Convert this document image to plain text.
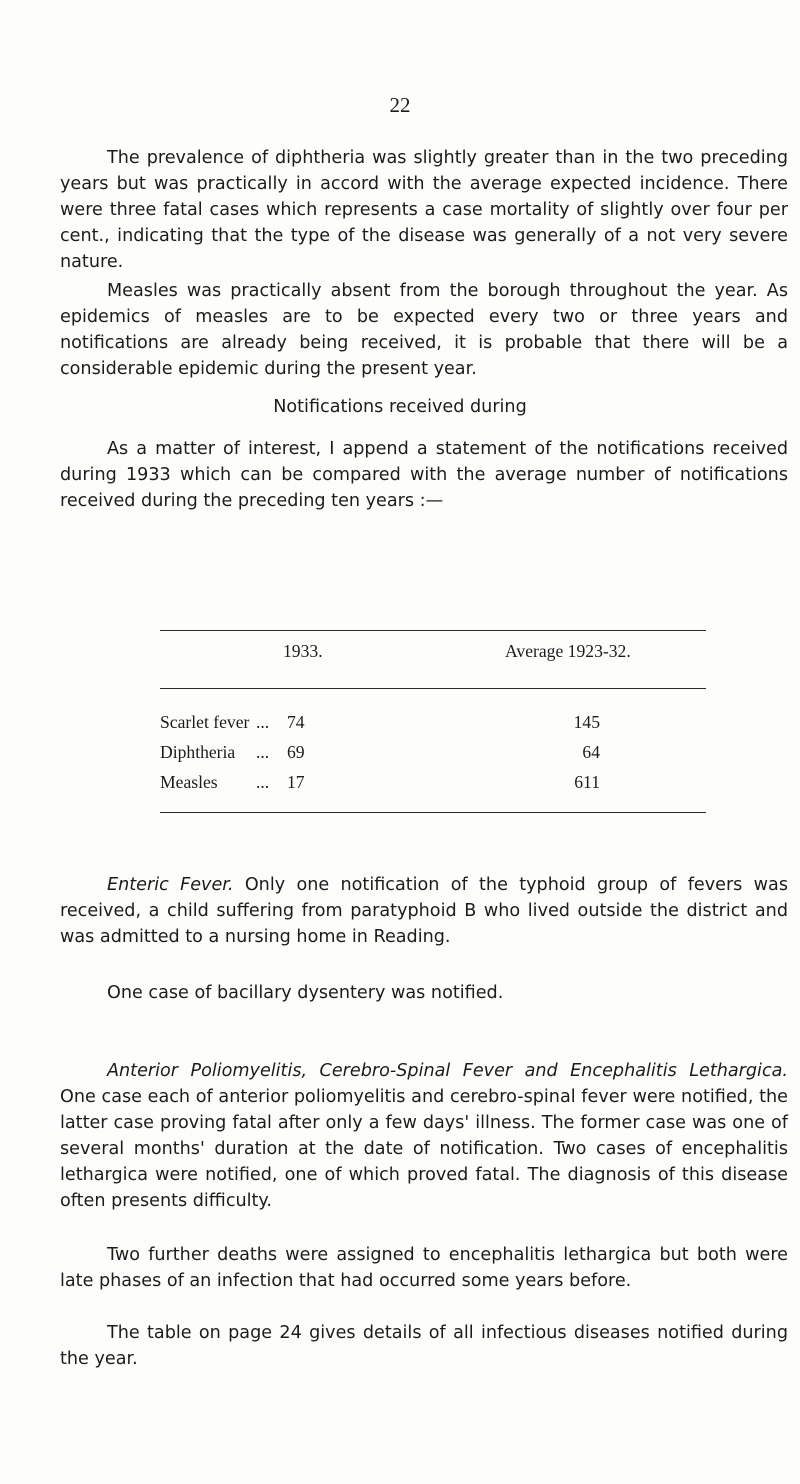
22

The prevalence of diphtheria was slightly greater than in the two preceding years but was practically in accord with the average expected incidence. There were three fatal cases which represents a case mortality of slightly over four per cent., indicating that the type of the disease was generally of a not very severe nature.

Measles was practically absent from the borough throughout the year. As epidemics of measles are to be expected every two or three years and notifications are already being received, it is probable that there will be a considerable epidemic during the present year.

As a matter of interest, I append a statement of the notifications received during 1933 which can be compared with the average number of notifications received during the preceding ten years :—

Notifications received during
1933.	Average 1923-32.
Scarlet fever ... 74	145
Diphtheria ... 69	64
Measles ... 17	611

Enteric Fever. Only one notification of the typhoid group of fevers was received, a child suffering from paratyphoid B who lived outside the district and was admitted to a nursing home in Reading.

One case of bacillary dysentery was notified.

Anterior Poliomyelitis, Cerebro-Spinal Fever and Encephalitis Lethargica. One case each of anterior poliomyelitis and cerebro-spinal fever were notified, the latter case proving fatal after only a few days' illness. The former case was one of several months' duration at the date of notification. Two cases of encephalitis lethargica were notified, one of which proved fatal. The diagnosis of this disease often presents difficulty.

Two further deaths were assigned to encephalitis lethargica but both were late phases of an infection that had occurred some years before.

The table on page 24 gives details of all infectious diseases notified during the year.
